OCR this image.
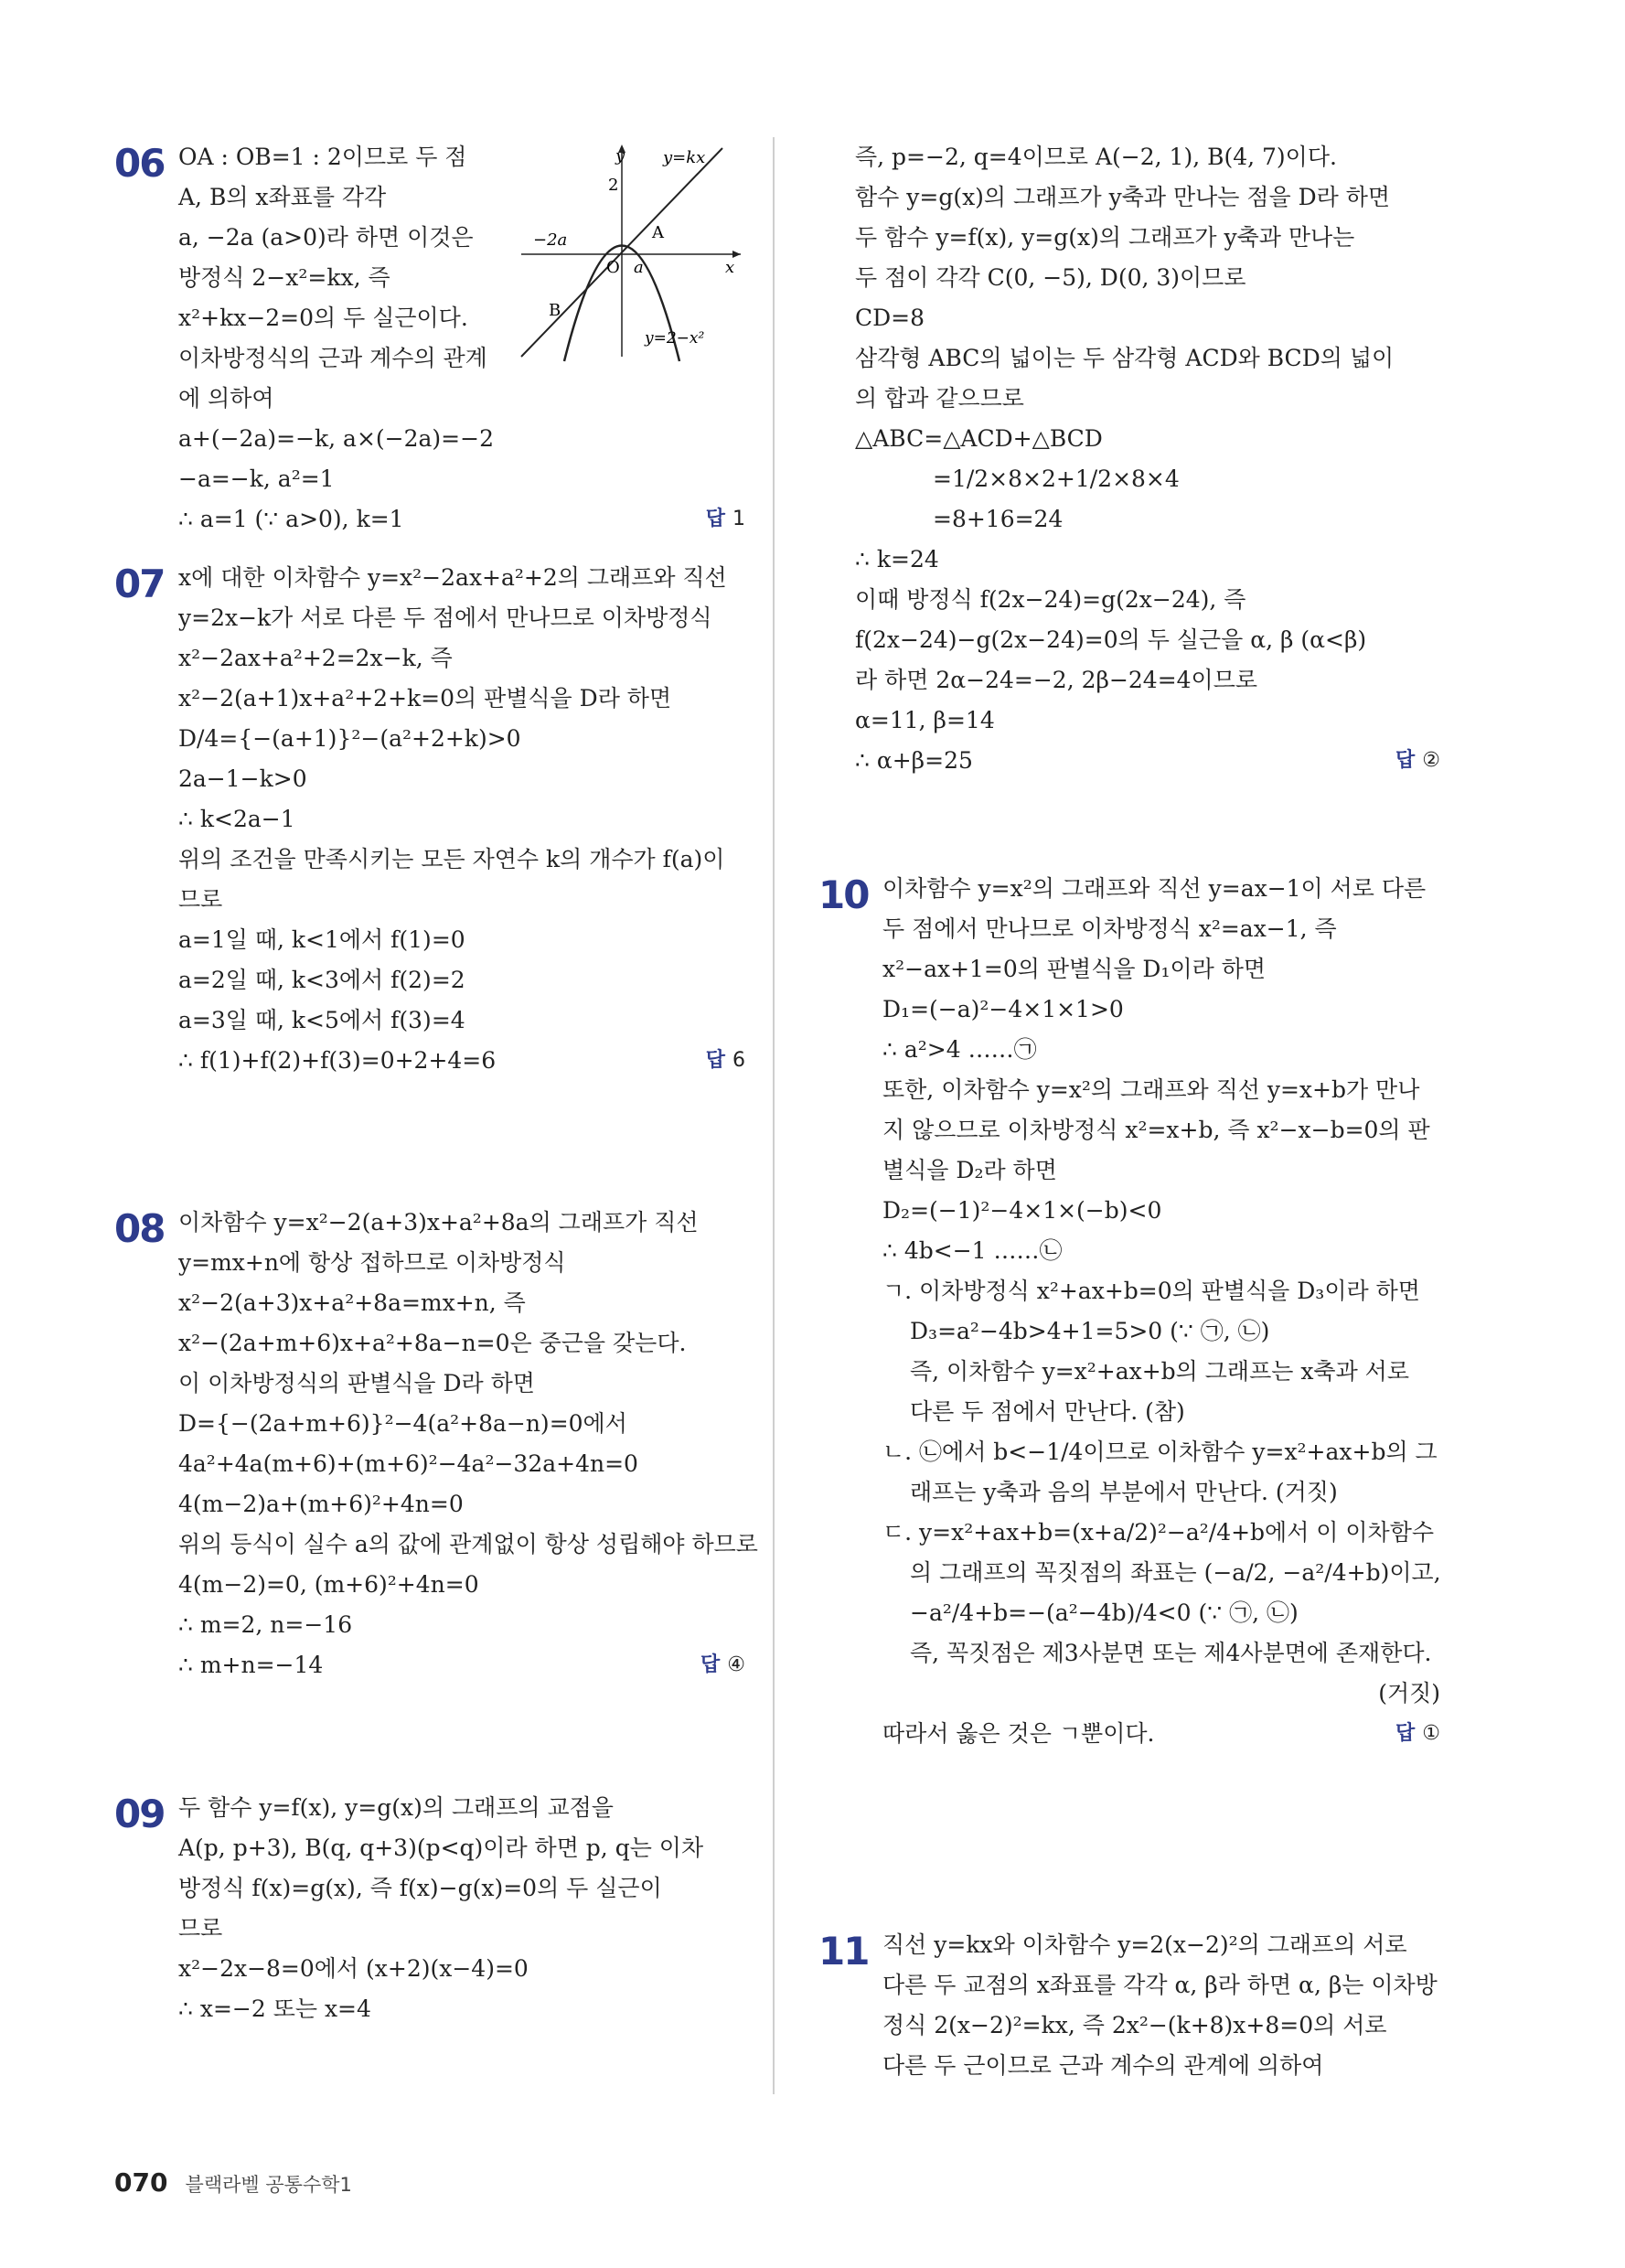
06 OA : OB=1 : 2이므로 두 점
A, B의 x좌표를 각각
a, −2a (a>0)라 하면 이것은
방정식 2−x²=kx, 즉
x²+kx−2=0의 두 실근이다.
이차방정식의 근과 계수의 관계
에 의하여
a+(−2a)=−k, a×(−2a)=−2
−a=−k, a²=1
∴ a=1 (∵ a>0), k=1	답 1
y y=kx
2
−2a	A
B
O a	x
y=2−x²
07 x에 대한 이차함수 y=x²−2ax+a²+2의 그래프와 직선
y=2x−k가 서로 다른 두 점에서 만나므로 이차방정식
x²−2ax+a²+2=2x−k, 즉
x²−2(a+1)x+a²+2+k=0의 판별식을 D라 하면
D/4={−(a+1)}²−(a²+2+k)>0
2a−1−k>0
∴ k<2a−1
위의 조건을 만족시키는 모든 자연수 k의 개수가 f(a)이
므로
a=1일 때, k<1에서 f(1)=0
a=2일 때, k<3에서 f(2)=2
a=3일 때, k<5에서 f(3)=4
∴ f(1)+f(2)+f(3)=0+2+4=6	답 6
08 이차함수 y=x²−2(a+3)x+a²+8a의 그래프가 직선
y=mx+n에 항상 접하므로 이차방정식
x²−2(a+3)x+a²+8a=mx+n, 즉
x²−(2a+m+6)x+a²+8a−n=0은 중근을 갖는다.
이 이차방정식의 판별식을 D라 하면
D={−(2a+m+6)}²−4(a²+8a−n)=0에서
4a²+4a(m+6)+(m+6)²−4a²−32a+4n=0
4(m−2)a+(m+6)²+4n=0
위의 등식이 실수 a의 값에 관계없이 항상 성립해야 하므로
4(m−2)=0, (m+6)²+4n=0
∴ m=2, n=−16
∴ m+n=−14	답 ④
09 두 함수 y=f(x), y=g(x)의 그래프의 교점을
A(p, p+3), B(q, q+3)(p<q)이라 하면 p, q는 이차
방정식 f(x)=g(x), 즉 f(x)−g(x)=0의 두 실근이
므로
x²−2x−8=0에서 (x+2)(x−4)=0
∴ x=−2 또는 x=4
즉, p=−2, q=4이므로 A(−2, 1), B(4, 7)이다.
함수 y=g(x)의 그래프가 y축과 만나는 점을 D라 하면
두 함수 y=f(x), y=g(x)의 그래프가 y축과 만나는
두 점이 각각 C(0, −5), D(0, 3)이므로
CD=8
삼각형 ABC의 넓이는 두 삼각형 ACD와 BCD의 넓이
의 합과 같으므로
△ABC=△ACD+△BCD
=1/2×8×2+1/2×8×4
=8+16=24
∴ k=24
이때 방정식 f(2x−24)=g(2x−24), 즉
f(2x−24)−g(2x−24)=0의 두 실근을 α, β (α<β)
라 하면 2α−24=−2, 2β−24=4이므로
α=11, β=14
∴ α+β=25	답 ②
10 이차함수 y=x²의 그래프와 직선 y=ax−1이 서로 다른
두 점에서 만나므로 이차방정식 x²=ax−1, 즉
x²−ax+1=0의 판별식을 D₁이라 하면
D₁=(−a)²−4×1×1>0
∴ a²>4 ……㉠
또한, 이차함수 y=x²의 그래프와 직선 y=x+b가 만나
지 않으므로 이차방정식 x²=x+b, 즉 x²−x−b=0의 판
별식을 D₂라 하면
D₂=(−1)²−4×1×(−b)<0
∴ 4b<−1 ……㉡
ㄱ. 이차방정식 x²+ax+b=0의 판별식을 D₃이라 하면
D₃=a²−4b>4+1=5>0 (∵ ㉠, ㉡)
즉, 이차함수 y=x²+ax+b의 그래프는 x축과 서로
다른 두 점에서 만난다. (참)
ㄴ. ㉡에서 b<−1/4이므로 이차함수 y=x²+ax+b의 그
래프는 y축과 음의 부분에서 만난다. (거짓)
ㄷ. y=x²+ax+b=(x+a/2)²−a²/4+b에서 이 이차함수
의 그래프의 꼭짓점의 좌표는 (−a/2, −a²/4+b)이고,
−a²/4+b=−(a²−4b)/4<0 (∵ ㉠, ㉡)
즉, 꼭짓점은 제3사분면 또는 제4사분면에 존재한다.
(거짓)
따라서 옳은 것은 ㄱ뿐이다.	답 ①
11 직선 y=kx와 이차함수 y=2(x−2)²의 그래프의 서로
다른 두 교점의 x좌표를 각각 α, β라 하면 α, β는 이차방
정식 2(x−2)²=kx, 즉 2x²−(k+8)x+8=0의 서로
다른 두 근이므로 근과 계수의 관계에 의하여
070 블랙라벨 공통수학1
